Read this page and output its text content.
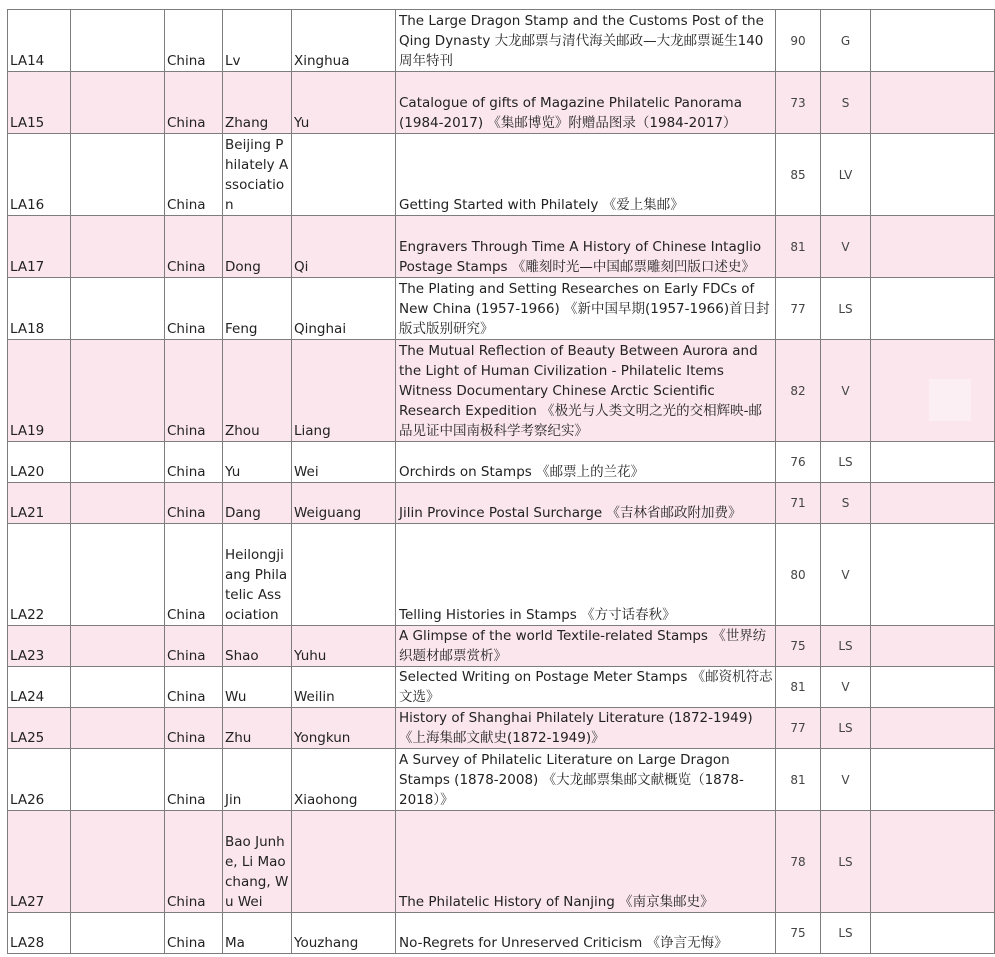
LA14		China	Lv	Xinghua	The Large Dragon Stamp and the Customs Post of the Qing Dynasty 大龙邮票与清代海关邮政—大龙邮票诞生140周年特刊	90	G	
LA15		China	Zhang	Yu	Catalogue of gifts of Magazine Philatelic Panorama (1984-2017) 《集邮博览》附赠品图录（1984-2017）	73	S	
LA16		China	Beijing Philately Association		Getting Started with Philately 《爱上集邮》	85	LV	
LA17		China	Dong	Qi	Engravers Through Time A History of Chinese Intaglio Postage Stamps 《雕刻时光—中国邮票雕刻凹版口述史》	81	V	
LA18		China	Feng	Qinghai	The Plating and Setting Researches on Early FDCs of New China (1957-1966) 《新中国早期(1957-1966)首日封版式版别研究》	77	LS	
LA19		China	Zhou	Liang	The Mutual Reflection of Beauty Between Aurora and the Light of Human Civilization - Philatelic Items Witness Documentary Chinese Arctic Scientific Research Expedition 《极光与人类文明之光的交相辉映-邮品见证中国南极科学考察纪实》	82	V	
LA20		China	Yu	Wei	Orchirds on Stamps 《邮票上的兰花》	76	LS	
LA21		China	Dang	Weiguang	Jilin Province Postal Surcharge 《吉林省邮政附加费》	71	S	
LA22		China	Heilongjiang Philatelic Association		Telling Histories in Stamps 《方寸话春秋》	80	V	
LA23		China	Shao	Yuhu	A Glimpse of the world Textile-related Stamps 《世界纺织题材邮票赏析》	75	LS	
LA24		China	Wu	Weilin	Selected Writing on Postage Meter Stamps 《邮资机符志文选》	81	V	
LA25		China	Zhu	Yongkun	History of Shanghai Philately Literature (1872-1949) 《上海集邮文献史(1872-1949)》	77	LS	
LA26		China	Jin	Xiaohong	A Survey of Philatelic Literature on Large Dragon Stamps (1878-2008) 《大龙邮票集邮文献概览（1878-2018）》	81	V	
LA27		China	Bao Junhe, Li Maochang, Wu Wei		The Philatelic History of Nanjing 《南京集邮史》	78	LS	
LA28		China	Ma	Youzhang	No-Regrets for Unreserved Criticism 《诤言无悔》	75	LS	
